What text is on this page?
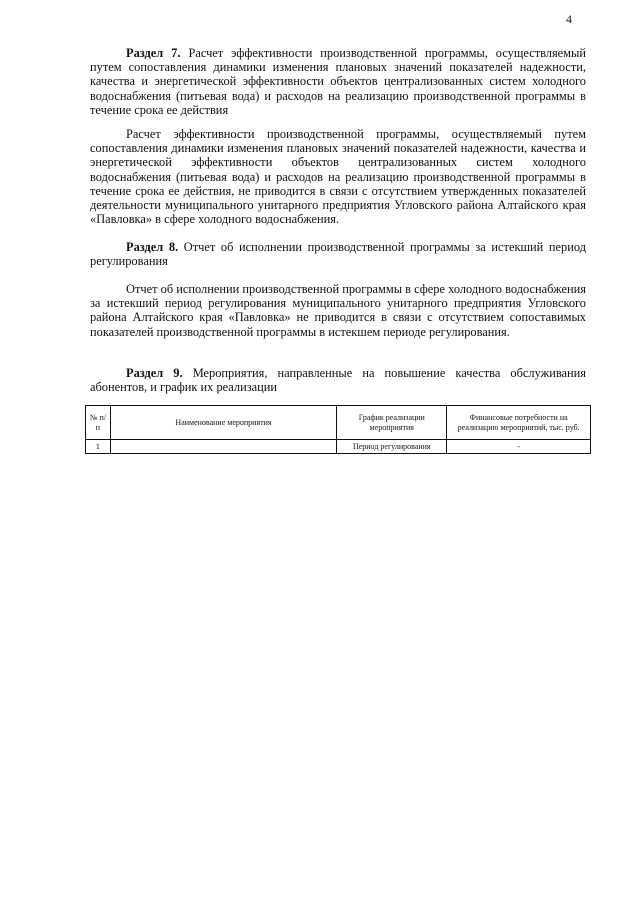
4

Раздел 7. Расчет эффективности производственной программы, осуществляемый путем сопоставления динамики изменения плановых значений показателей надежности, качества и энергетической эффективности объектов централизованных систем холодного водоснабжения (питьевая вода) и расходов на реализацию производственной программы в течение срока ее действия

Расчет эффективности производственной программы, осуществляемый путем сопоставления динамики изменения плановых значений показателей надежности, качества и энергетической эффективности объектов централизованных систем холодного водоснабжения (питьевая вода) и расходов на реализацию производственной программы в течение срока ее действия, не приводится в связи с отсутствием утвержденных показателей деятельности муниципального унитарного предприятия Угловского района Алтайского края «Павловка» в сфере холодного водоснабжения.

Раздел 8. Отчет об исполнении производственной программы за истекший период регулирования

Отчет об исполнении производственной программы в сфере холодного водоснабжения за истекший период регулирования муниципального унитарного предприятия Угловского района Алтайского края «Павловка» не приводится в связи с отсутствием сопоставимых показателей производственной программы в истекшем периоде регулирования.

Раздел 9. Мероприятия, направленные на повышение качества обслуживания абонентов, и график их реализации

№ п/п	Наименование мероприятия	График реализации мероприятия	Финансовые потребности на реализацию мероприятий, тыс. руб.
1		Период регулирования	-
